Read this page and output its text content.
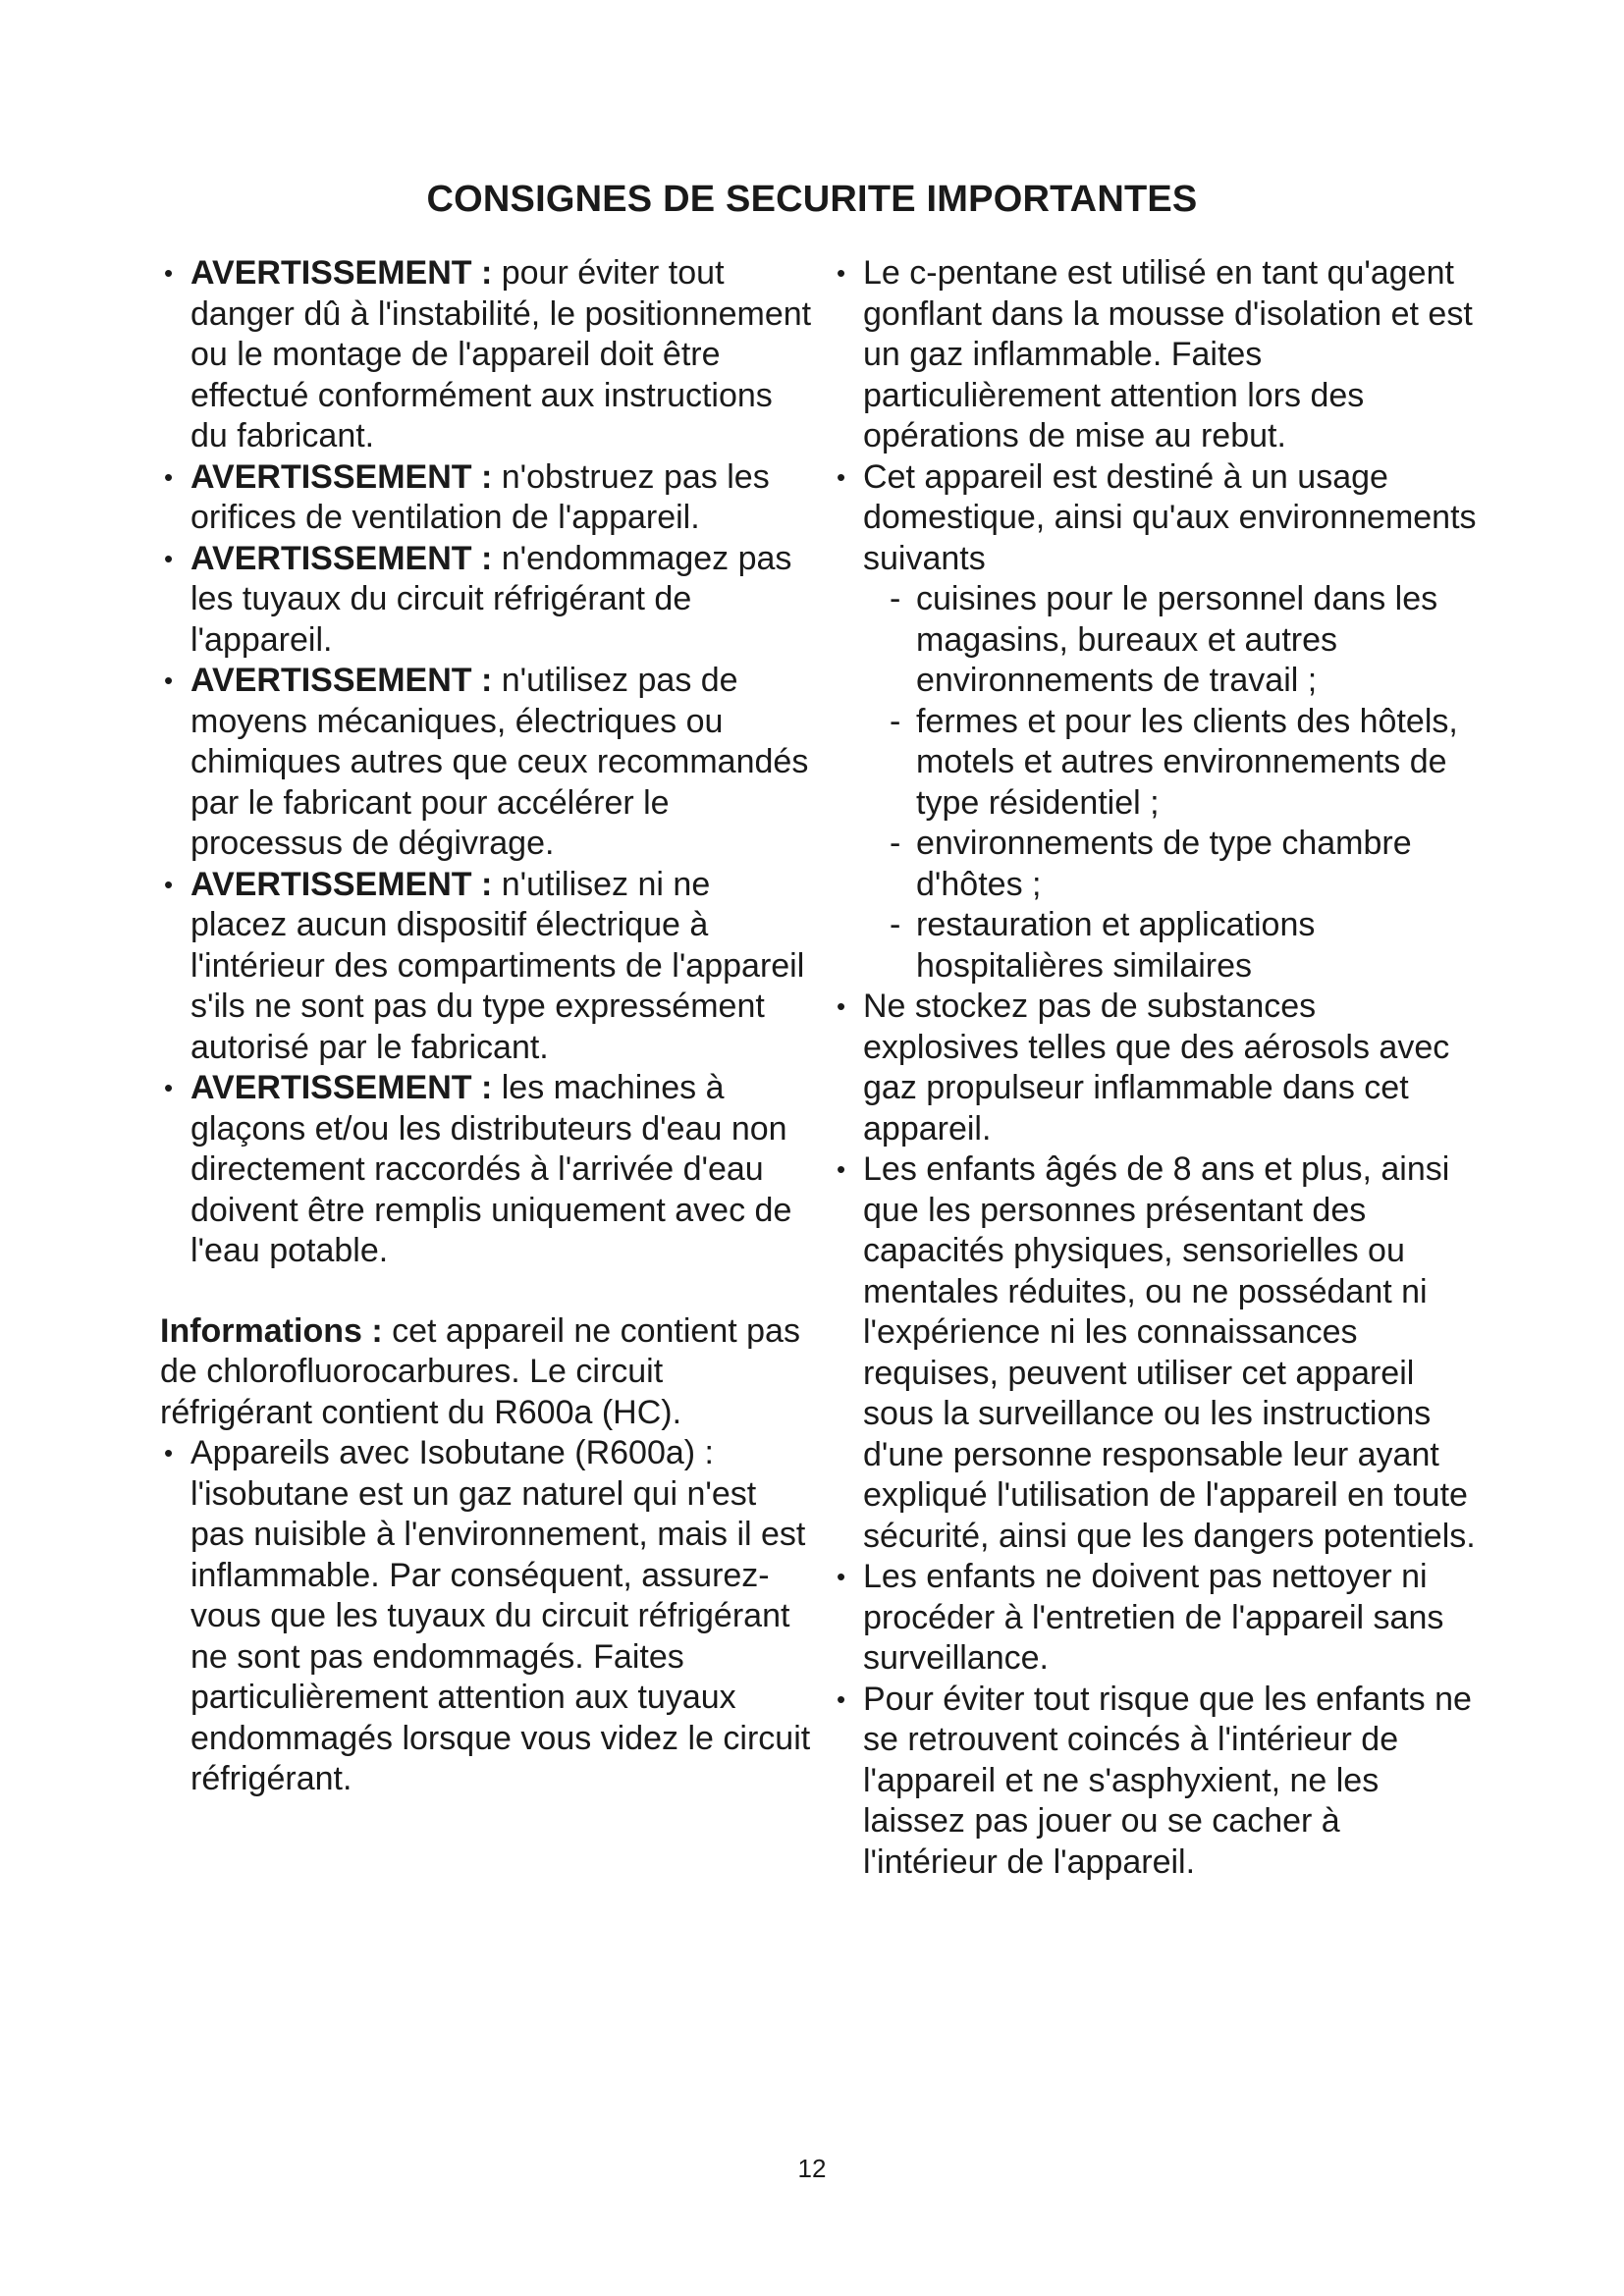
CONSIGNES DE SECURITE IMPORTANTES
• AVERTISSEMENT : pour éviter tout danger dû à l'instabilité, le positionnement ou le montage de l'appareil doit être effectué conformément aux instructions du fabricant.
• AVERTISSEMENT : n'obstruez pas les orifices de ventilation de l'appareil.
• AVERTISSEMENT : n'endommagez pas les tuyaux du circuit réfrigérant de l'appareil.
• AVERTISSEMENT : n'utilisez pas de moyens mécaniques, électriques ou chimiques autres que ceux recommandés par le fabricant pour accélérer le processus de dégivrage.
• AVERTISSEMENT : n'utilisez ni ne placez aucun dispositif électrique à l'intérieur des compartiments de l'appareil s'ils ne sont pas du type expressément autorisé par le fabricant.
• AVERTISSEMENT : les machines à glaçons et/ou les distributeurs d'eau non directement raccordés à l'arrivée d'eau doivent être remplis uniquement avec de l'eau potable.

Informations : cet appareil ne contient pas de chlorofluorocarbures. Le circuit réfrigérant contient du R600a (HC).

• Appareils avec Isobutane (R600a) : l'isobutane est un gaz naturel qui n'est pas nuisible à l'environnement, mais il est inflammable. Par conséquent, assurez-vous que les tuyaux du circuit réfrigérant ne sont pas endommagés. Faites particulièrement attention aux tuyaux endommagés lorsque vous videz le circuit réfrigérant.
• Le c-pentane est utilisé en tant qu'agent gonflant dans la mousse d'isolation et est un gaz inflammable. Faites particulièrement attention lors des opérations de mise au rebut.
• Cet appareil est destiné à un usage domestique, ainsi qu'aux environnements suivants
- cuisines pour le personnel dans les magasins, bureaux et autres environnements de travail ;
- fermes et pour les clients des hôtels, motels et autres environnements de type résidentiel ;
- environnements de type chambre d'hôtes ;
- restauration et applications hospitalières similaires
• Ne stockez pas de substances explosives telles que des aérosols avec gaz propulseur inflammable dans cet appareil.
• Les enfants âgés de 8 ans et plus, ainsi que les personnes présentant des capacités physiques, sensorielles ou mentales réduites, ou ne possédant ni l'expérience ni les connaissances requises, peuvent utiliser cet appareil sous la surveillance ou les instructions d'une personne responsable leur ayant expliqué l'utilisation de l'appareil en toute sécurité, ainsi que les dangers potentiels.
• Les enfants ne doivent pas nettoyer ni procéder à l'entretien de l'appareil sans surveillance.
• Pour éviter tout risque que les enfants ne se retrouvent coincés à l'intérieur de l'appareil et ne s'asphyxient, ne les laissez pas jouer ou se cacher à l'intérieur de l'appareil.
12
